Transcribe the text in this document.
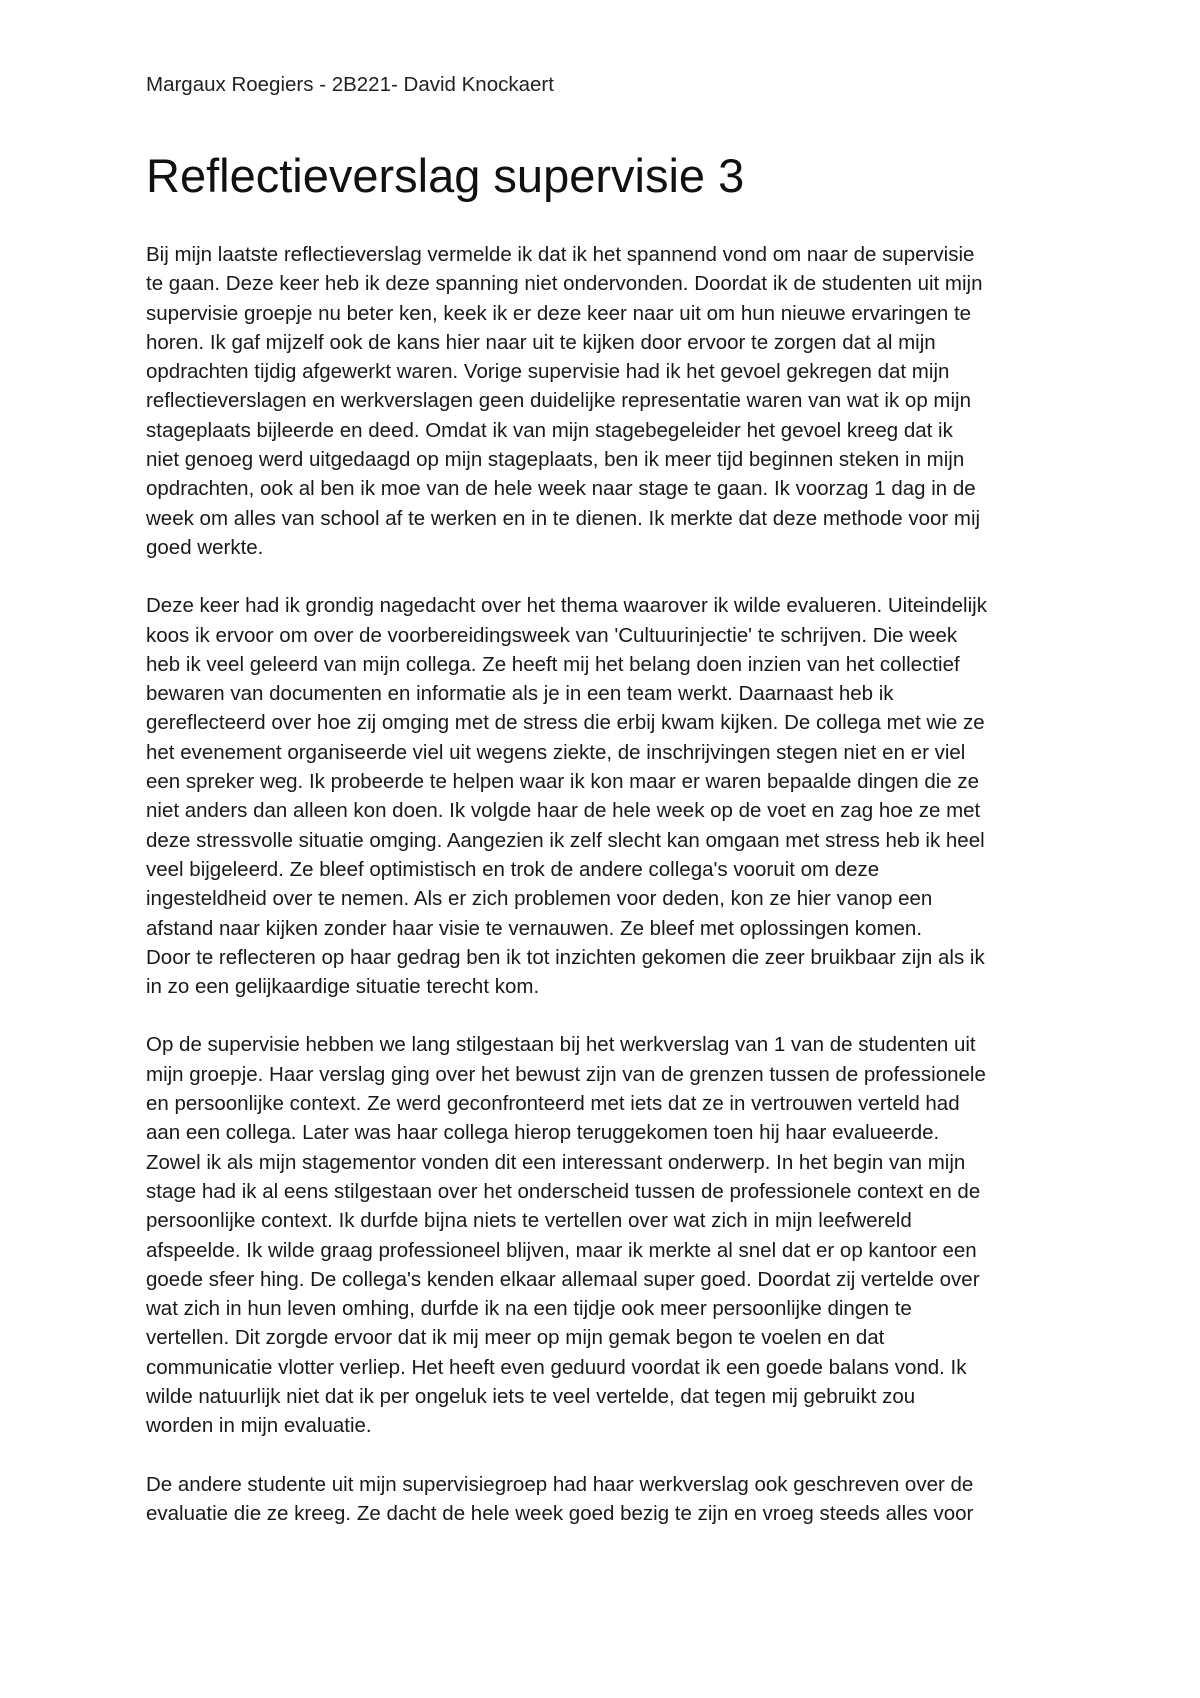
Margaux Roegiers - 2B221- David Knockaert

Reflectieverslag supervisie 3

Bij mijn laatste reflectieverslag vermelde ik dat ik het spannend vond om naar de supervisie
te gaan. Deze keer heb ik deze spanning niet ondervonden. Doordat ik de studenten uit mijn
supervisie groepje nu beter ken, keek ik er deze keer naar uit om hun nieuwe ervaringen te
horen. Ik gaf mijzelf ook de kans hier naar uit te kijken door ervoor te zorgen dat al mijn
opdrachten tijdig afgewerkt waren. Vorige supervisie had ik het gevoel gekregen dat mijn
reflectieverslagen en werkverslagen geen duidelijke representatie waren van wat ik op mijn
stageplaats bijleerde en deed. Omdat ik van mijn stagebegeleider het gevoel kreeg dat ik
niet genoeg werd uitgedaagd op mijn stageplaats, ben ik meer tijd beginnen steken in mijn
opdrachten, ook al ben ik moe van de hele week naar stage te gaan. Ik voorzag 1 dag in de
week om alles van school af te werken en in te dienen. Ik merkte dat deze methode voor mij
goed werkte.

Deze keer had ik grondig nagedacht over het thema waarover ik wilde evalueren. Uiteindelijk
koos ik ervoor om over de voorbereidingsweek van 'Cultuurinjectie' te schrijven. Die week
heb ik veel geleerd van mijn collega. Ze heeft mij het belang doen inzien van het collectief
bewaren van documenten en informatie als je in een team werkt. Daarnaast heb ik
gereflecteerd over hoe zij omging met de stress die erbij kwam kijken. De collega met wie ze
het evenement organiseerde viel uit wegens ziekte, de inschrijvingen stegen niet en er viel
een spreker weg. Ik probeerde te helpen waar ik kon maar er waren bepaalde dingen die ze
niet anders dan alleen kon doen. Ik volgde haar de hele week op de voet en zag hoe ze met
deze stressvolle situatie omging. Aangezien ik zelf slecht kan omgaan met stress heb ik heel
veel bijgeleerd. Ze bleef optimistisch en trok de andere collega's vooruit om deze
ingesteldheid over te nemen. Als er zich problemen voor deden, kon ze hier vanop een
afstand naar kijken zonder haar visie te vernauwen. Ze bleef met oplossingen komen.
Door te reflecteren op haar gedrag ben ik tot inzichten gekomen die zeer bruikbaar zijn als ik
in zo een gelijkaardige situatie terecht kom.

Op de supervisie hebben we lang stilgestaan bij het werkverslag van 1 van de studenten uit
mijn groepje. Haar verslag ging over het bewust zijn van de grenzen tussen de professionele
en persoonlijke context. Ze werd geconfronteerd met iets dat ze in vertrouwen verteld had
aan een collega. Later was haar collega hierop teruggekomen toen hij haar evalueerde.
Zowel ik als mijn stagementor vonden dit een interessant onderwerp. In het begin van mijn
stage had ik al eens stilgestaan over het onderscheid tussen de professionele context en de
persoonlijke context. Ik durfde bijna niets te vertellen over wat zich in mijn leefwereld
afspeelde. Ik wilde graag professioneel blijven, maar ik merkte al snel dat er op kantoor een
goede sfeer hing. De collega's kenden elkaar allemaal super goed. Doordat zij vertelde over
wat zich in hun leven omhing, durfde ik na een tijdje ook meer persoonlijke dingen te
vertellen. Dit zorgde ervoor dat ik mij meer op mijn gemak begon te voelen en dat
communicatie vlotter verliep. Het heeft even geduurd voordat ik een goede balans vond. Ik
wilde natuurlijk niet dat ik per ongeluk iets te veel vertelde, dat tegen mij gebruikt zou
worden in mijn evaluatie.

De andere studente uit mijn supervisiegroep had haar werkverslag ook geschreven over de
evaluatie die ze kreeg. Ze dacht de hele week goed bezig te zijn en vroeg steeds alles voor
